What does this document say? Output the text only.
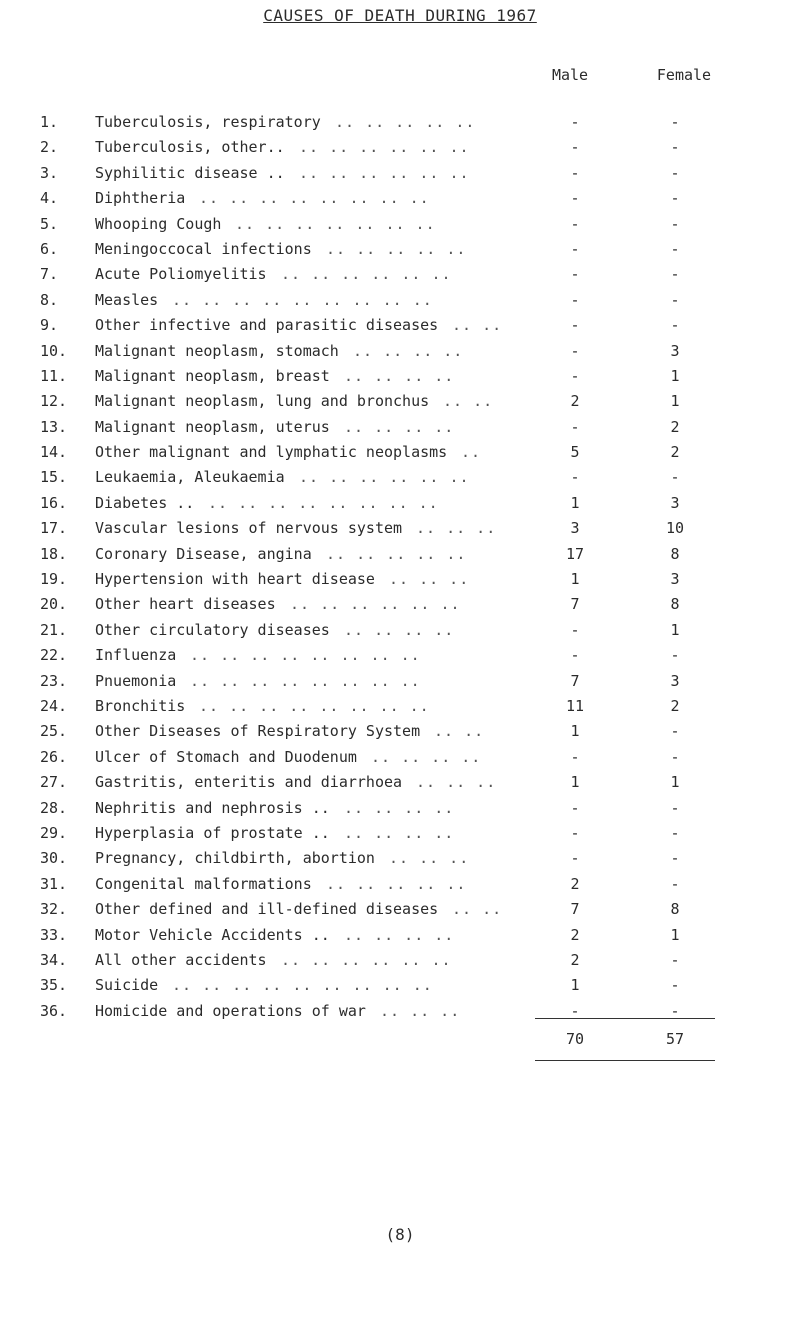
CAUSES OF DEATH DURING 1967
Male	Female
1.	Tuberculosis, respiratory	-	-
.. .. .. .. ..
2.	Tuberculosis, other..	-	-
.. .. .. .. .. ..
3.	Syphilitic disease ..	-	-
.. .. .. .. .. ..
4.	Diphtheria	-	-
.. .. .. .. .. .. .. ..
5.	Whooping Cough	-	-
.. .. .. .. .. .. ..
6.	Meningoccocal infections	-	-
.. .. .. .. ..
7.	Acute Poliomyelitis	-	-
.. .. .. .. .. ..
8.	Measles	-	-
.. .. .. .. .. .. .. .. ..
9.	Other infective and parasitic diseases	-	-
.. ..
10.	Malignant neoplasm, stomach	-	3
.. .. .. ..
11.	Malignant neoplasm, breast	-	1
.. .. .. ..
12.	Malignant neoplasm, lung and bronchus	2	1
.. ..
13.	Malignant neoplasm, uterus	-	2
.. .. .. ..
14.	Other malignant and lymphatic neoplasms	5	2
..
15.	Leukaemia, Aleukaemia	-	-
.. .. .. .. .. ..
16.	Diabetes ..	1	3
.. .. .. .. .. .. .. ..
17.	Vascular lesions of nervous system	3	10
.. .. ..
18.	Coronary Disease, angina	17	8
.. .. .. .. ..
19.	Hypertension with heart disease	1	3
.. .. ..
20.	Other heart diseases	7	8
.. .. .. .. .. ..
21.	Other circulatory diseases	-	1
.. .. .. ..
22.	Influenza	-	-
.. .. .. .. .. .. .. ..
23.	Pnuemonia	7	3
.. .. .. .. .. .. .. ..
24.	Bronchitis	11	2
.. .. .. .. .. .. .. ..
25.	Other Diseases of Respiratory System	1	-
.. ..
26.	Ulcer of Stomach and Duodenum	-	-
.. .. .. ..
27.	Gastritis, enteritis and diarrhoea	1	1
.. .. ..
28.	Nephritis and nephrosis ..	-	-
.. .. .. ..
29.	Hyperplasia of prostate ..	-	-
.. .. .. ..
30.	Pregnancy, childbirth, abortion	-	-
.. .. ..
31.	Congenital malformations	2	-
.. .. .. .. ..
32.	Other defined and ill-defined diseases	7	8
.. ..
33.	Motor Vehicle Accidents ..	2	1
.. .. .. ..
34.	All other accidents	2	-
.. .. .. .. .. ..
35.	Suicide	1	-
.. .. .. .. .. .. .. .. ..
36.	Homicide and operations of war	-	-
.. .. ..
70	57
(8)
